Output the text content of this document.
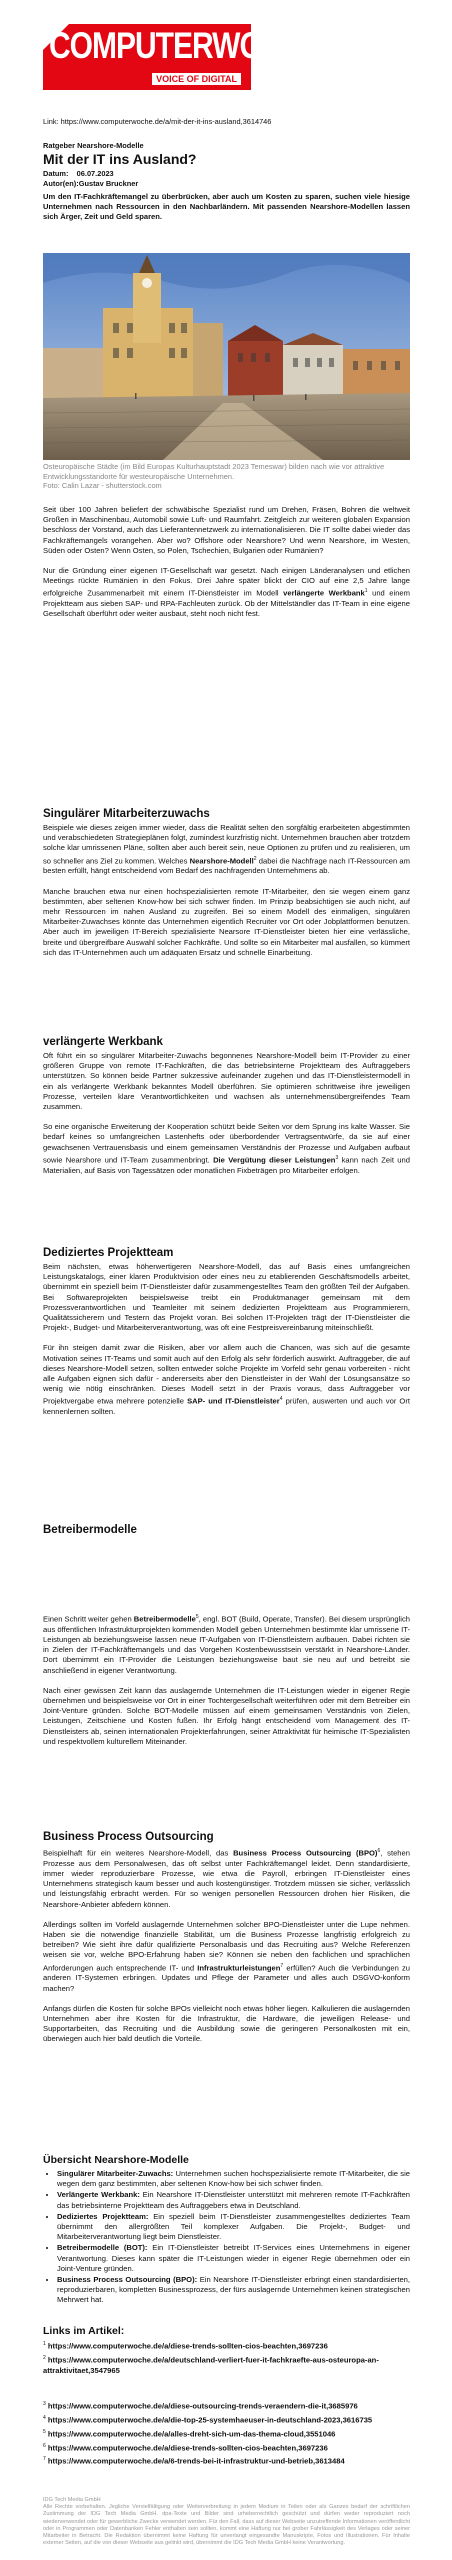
COMPUTERWOCHE
VOICE OF DIGITAL

Link: https://www.computerwoche.de/a/mit-der-it-ins-ausland,3614746

Ratgeber Nearshore-Modelle

Mit der IT ins Ausland?

Datum:    06.07.2023

Autor(en):Gustav Bruckner

Um den IT-Fachkräftemangel zu überbrücken, aber auch um Kosten zu sparen, suchen viele hiesige Unternehmen nach Ressourcen in den Nachbarländern. Mit passenden Nearshore-Modellen lassen sich Ärger, Zeit und Geld sparen.

Osteuropäische Städte (im Bild Europas Kulturhauptstadt 2023 Temeswar) bilden nach wie vor attraktive Entwicklungsstandorte für westeuropäische Unternehmen.

Foto: Calin Lazar - shutterstock.com

Seit über 100 Jahren beliefert der schwäbische Spezialist rund um Drehen, Fräsen, Bohren die weltweit Großen in Maschinenbau, Automobil sowie Luft- und Raumfahrt. Zeitgleich zur weiteren globalen Expansion beschloss der Vorstand, auch das Lieferantennetzwerk zu internationalisieren. Die IT sollte dabei wieder das Fachkräftemangels vorangehen. Aber wo? Offshore oder Nearshore? Und wenn Nearshore, im Westen, Süden oder Osten? Wenn Osten, so Polen, Tschechien, Bulgarien oder Rumänien?

Nur die Gründung einer eigenen IT-Gesellschaft war gesetzt. Nach einigen Länderanalysen und etlichen Meetings rückte Rumänien in den Fokus. Drei Jahre später blickt der CIO auf eine 2,5 Jahre lange erfolgreiche Zusammenarbeit mit einem IT-Dienstleister im Modell verlängerte Werkbank$^1$ und einem Projektteam aus sieben SAP- und RPA-Fachleuten zurück. Ob der Mittelständler das IT-Team in eine eigene Gesellschaft überführt oder weiter ausbaut, steht noch nicht fest.

Singulärer Mitarbeiterzuwachs

Beispiele wie dieses zeigen immer wieder, dass die Realität selten den sorgfältig erarbeiteten abgestimmten und verabschiedeten Strategieplänen folgt, zumindest kurzfristig nicht. Unternehmen brauchen aber trotzdem solche klar umrissenen Pläne, sollten aber auch bereit sein, neue Optionen zu prüfen und zu realisieren, um so schneller ans Ziel zu kommen. Welches Nearshore-Modell$^2$ dabei die Nachfrage nach IT-Ressourcen am besten erfüllt, hängt entscheidend vom Bedarf des nachfragenden Unternehmens ab.

Manche brauchen etwa nur einen hochspezialisierten remote IT-Mitarbeiter, den sie wegen einem ganz bestimmten, aber seltenen Know-how bei sich schwer finden. Im Prinzip beabsichtigen sie auch nicht, auf mehr Ressourcen im nahen Ausland zu zugreifen. Bei so einem Modell des einmaligen, singulären Mitarbeiter-Zuwachses könnte das Unternehmen eigentlich Recruiter vor Ort oder Jobplattformen benutzen. Aber auch im jeweiligen IT-Bereich spezialisierte Nearsore IT-Dienstleister bieten hier eine verlässliche, breite und übergreifbare Auswahl solcher Fachkräfte. Und sollte so ein Mitarbeiter mal ausfallen, so kümmert sich das IT-Unternehmen auch um adäquaten Ersatz und schnelle Einarbeitung.

verlängerte Werkbank

Oft führt ein so singulärer Mitarbeiter-Zuwachs begonnenes Nearshore-Modell beim IT-Provider zu einer größeren Gruppe von remote IT-Fachkräften, die das betriebsinterne Projektteam des Auftraggebers unterstützen. So können beide Partner sukzessive aufeinander zugehen und das IT-Dienstleistermodell in ein als verlängerte Werkbank bekanntes Modell überführen. Sie optimieren schrittweise ihre jeweiligen Prozesse, verteilen klare Verantwortlichkeiten und wachsen als unternehmensübergreifendes Team zusammen.

So eine organische Erweiterung der Kooperation schützt beide Seiten vor dem Sprung ins kalte Wasser. Sie bedarf keines so umfangreichen Lastenhefts oder überbordender Vertragsentwürfe, da sie auf einer gewachsenen Vertrauensbasis und einem gemeinsamen Verständnis der Prozesse und Aufgaben aufbaut sowie Nearshore und IT-Team zusammenbringt. Die Vergütung dieser Leistungen$^3$ kann nach Zeit und Materialien, auf Basis von Tagessätzen oder monatlichen Fixbeträgen pro Mitarbeiter erfolgen.

Dediziertes Projektteam

Beim nächsten, etwas höherwertigeren Nearshore-Modell, das auf Basis eines umfangreichen Leistungskatalogs, einer klaren Produktvision oder eines neu zu etablierenden Geschäftsmodells arbeitet, übernimmt ein speziell beim IT-Dienstleister dafür zusammengestelltes Team den größten Teil der Aufgaben. Bei Softwareprojekten beispielsweise treibt ein Produktmanager gemeinsam mit dem Prozessverantwortlichen und Teamleiter mit seinem dedizierten Projektteam aus Programmierern, Qualitätssicherern und Testern das Projekt voran. Bei solchen IT-Projekten trägt der IT-Dienstleister die Projekt-, Budget- und Mitarbeiterverantwortung, was oft eine Festpreisvereinbarung miteinschließt.

Für ihn steigen damit zwar die Risiken, aber vor allem auch die Chancen, was sich auf die gesamte Motivation seines IT-Teams und somit auch auf den Erfolg als sehr förderlich auswirkt. Auftraggeber, die auf dieses Nearshore-Modell setzen, sollten entweder solche Projekte im Vorfeld sehr genau vorbereiten - nicht alle Aufgaben eignen sich dafür - andererseits aber den Dienstleister in der Wahl der Lösungsansätze so wenig wie nötig einschränken. Dieses Modell setzt in der Praxis voraus, dass Auftraggeber vor Projektvergabe etwa mehrere potenzielle SAP- und IT-Dienstleister$^4$ prüfen, auswerten und auch vor Ort kennenlernen sollten.

Betreibermodelle

Einen Schritt weiter gehen Betreibermodelle$^5$, engl. BOT (Build, Operate, Transfer). Bei diesem ursprünglich aus öffentlichen Infrastrukturprojekten kommenden Modell geben Unternehmen bestimmte klar umrissene IT-Leistungen ab beziehungsweise lassen neue IT-Aufgaben von IT-Dienstleistern aufbauen. Dabei richten sie in Zielen der IT-Fachkräftemangels und das Vorgehen Kostenbewusstsein verstärkt in Nearshore-Länder. Dort übernimmt ein IT-Provider die Leistungen beziehungsweise baut sie neu auf und betreibt sie anschließend in eigener Verantwortung.

Nach einer gewissen Zeit kann das auslagernde Unternehmen die IT-Leistungen wieder in eigener Regie übernehmen und beispielsweise vor Ort in einer Tochtergesellschaft weiterführen oder mit dem Betreiber ein Joint-Venture gründen. Solche BOT-Modelle müssen auf einem gemeinsamen Verständnis von Zielen, Leistungen, Zeitschiene und Kosten fußen. Ihr Erfolg hängt entscheidend vom Management des IT-Dienstleisters ab, seinen internationalen Projekterfahrungen, seiner Attraktivität für heimische IT-Spezialisten und respektvollem kulturellem Miteinander.

Business Process Outsourcing

Beispielhaft für ein weiteres Nearshore-Modell, das Business Process Outsourcing (BPO)$^6$, stehen Prozesse aus dem Personalwesen, das oft selbst unter Fachkräftemangel leidet. Denn standardisierte, immer wieder reproduzierbare Prozesse, wie etwa die Payroll, erbringen IT-Dienstleister eines Unternehmens strategisch kaum besser und auch kostengünstiger. Trotzdem müssen sie sicher, verlässlich und leistungsfähig erbracht werden. Für so wenigen personellen Ressourcen drohen hier Risiken, die Nearshore-Anbieter abfedern können.

Allerdings sollten im Vorfeld auslagernde Unternehmen solcher BPO-Dienstleister unter die Lupe nehmen. Haben sie die notwendige finanzielle Stabilität, um die Business Prozesse langfristig erfolgreich zu betreiben? Wie sieht ihre dafür qualifizierte Personalbasis und das Recruiting aus? Welche Referenzen weisen sie vor, welche BPO-Erfahrung haben sie? Können sie neben den fachlichen und sprachlichen Anforderungen auch entsprechende IT- und Infrastrukturleistungen$^7$ erfüllen? Auch die Verbindungen zu anderen IT-Systemen erbringen. Updates und Pflege der Parameter und alles auch DSGVO-konform machen?

Anfangs dürfen die Kosten für solche BPOs vielleicht noch etwas höher liegen. Kalkulieren die auslagernden Unternehmen aber ihre Kosten für die Infrastruktur, die Hardware, die jeweiligen Release- und Supportarbeiten, das Recruiting und die Ausbildung sowie die geringeren Personalkosten mit ein, überwiegen auch hier bald deutlich die Vorteile.

Übersicht Nearshore-Modelle

• Singulärer Mitarbeiter-Zuwachs: Unternehmen suchen hochspezialisierte remote IT-Mitarbeiter, die sie wegen dem ganz bestimmten, aber seltenen Know-how bei sich schwer finden.
• Verlängerte Werkbank: Ein Nearshore IT-Dienstleister unterstützt mit mehreren remote IT-Fachkräften das betriebsinterne Projektteam des Auftraggebers etwa in Deutschland.
• Dediziertes Projektteam: Ein speziell beim IT-Dienstleister zusammengestelltes dediziertes Team übernimmt den allergrößten Teil komplexer Aufgaben. Die Projekt-, Budget- und Mitarbeiterverantwortung liegt beim Dienstleister.
• Betreibermodelle (BOT): Ein IT-Dienstleister betreibt IT-Services eines Unternehmens in eigener Verantwortung. Dieses kann später die IT-Leistungen wieder in eigener Regie übernehmen oder ein Joint-Venture gründen.
• Business Process Outsourcing (BPO): Ein Nearshore IT-Dienstleister erbringt einen standardisierten, reproduzierbaren, kompletten Businessprozess, der fürs auslagernde Unternehmen keinen strategischen Mehrwert hat.

Links im Artikel:

$^1$ https://www.computerwoche.de/a/diese-trends-sollten-cios-beachten,3697236

$^2$ https://www.computerwoche.de/a/deutschland-verliert-fuer-it-fachkraefte-aus-osteuropa-an-attraktivitaet,3547965

$^3$ https://www.computerwoche.de/a/diese-outsourcing-trends-veraendern-die-it,3685976

$^4$ https://www.computerwoche.de/a/die-top-25-systemhaeuser-in-deutschland-2023,3616735

$^5$ https://www.computerwoche.de/a/alles-dreht-sich-um-das-thema-cloud,3551046

$^6$ https://www.computerwoche.de/a/diese-trends-sollten-cios-beachten,3697236

$^7$ https://www.computerwoche.de/a/6-trends-bei-it-infrastruktur-und-betrieb,3613484

IDG Tech Media GmbH

Alle Rechte vorbehalten. Jegliche Vervielfältigung oder Weiterverbreitung in jedem Medium in Teilen oder als Ganzes bedarf der schriftlichen Zustimmung der IDG Tech Media GmbH. dpa-Texte und Bilder sind urheberrechtlich geschützt und dürfen weder reproduziert noch wiederverwendet oder für gewerbliche Zwecke verwendet werden. Für den Fall, dass auf dieser Webseite unzutreffende Informationen veröffentlicht oder in Programmen oder Datenbanken Fehler enthalten sein sollten, kommt eine Haftung nur bei grober Fahrlässigkeit des Verlages oder seiner Mitarbeiter in Betracht. Die Redaktion übernimmt keine Haftung für unverlangt eingesandte Manuskripte, Fotos und Illustrationen. Für Inhalte externer Seiten, auf die von dieser Webseite aus gelinkt wird, übernimmt die IDG Tech Media GmbH keine Verantwortung.
